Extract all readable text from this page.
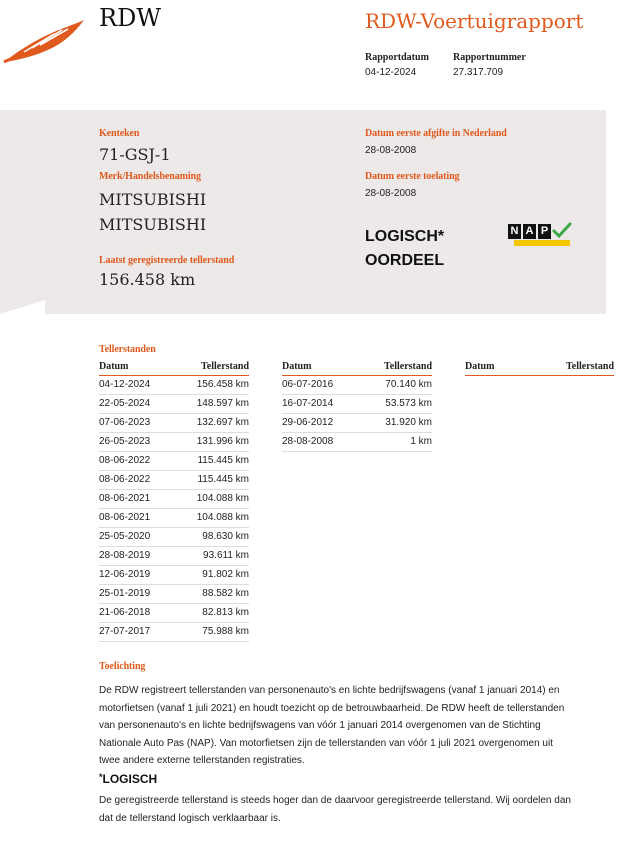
RDW	RDW-Voertuigrapport
Rapportdatum
04-12-2024
Rapportnummer
27.317.709
Kenteken
71-GSJ-1
Merk/Handelsbenaming
MITSUBISHI
MITSUBISHI
Laatst geregistreerde tellerstand
156.458 km
Datum eerste afgifte in Nederland
28-08-2008
Datum eerste toelating
28-08-2008
LOGISCH*
OORDEEL
N A P
Tellerstanden
Datum	Tellerstand
04-12-2024	156.458 km
22-05-2024	148.597 km
07-06-2023	132.697 km
26-05-2023	131.996 km
08-06-2022	115.445 km
08-06-2022	115.445 km
08-06-2021	104.088 km
08-06-2021	104.088 km
25-05-2020	98.630 km
28-08-2019	93.611 km
12-06-2019	91.802 km
25-01-2019	88.582 km
21-06-2018	82.813 km
27-07-2017	75.988 km
Datum	Tellerstand
06-07-2016	70.140 km
16-07-2014	53.573 km
29-06-2012	31.920 km
28-08-2008	1 km
Datum	Tellerstand
Toelichting
De RDW registreert tellerstanden van personenauto's en lichte bedrijfswagens (vanaf 1 januari 2014) en
motorfietsen (vanaf 1 juli 2021) en houdt toezicht op de betrouwbaarheid. De RDW heeft de tellerstanden
van personenauto's en lichte bedrijfswagens van vóór 1 januari 2014 overgenomen van de Stichting
Nationale Auto Pas (NAP). Van motorfietsen zijn de tellerstanden van vóór 1 juli 2021 overgenomen uit
twee andere externe tellerstanden registraties.
*LOGISCH
De geregistreerde tellerstand is steeds hoger dan de daarvoor geregistreerde tellerstand. Wij oordelen dan
dat de tellerstand logisch verklaarbaar is.
